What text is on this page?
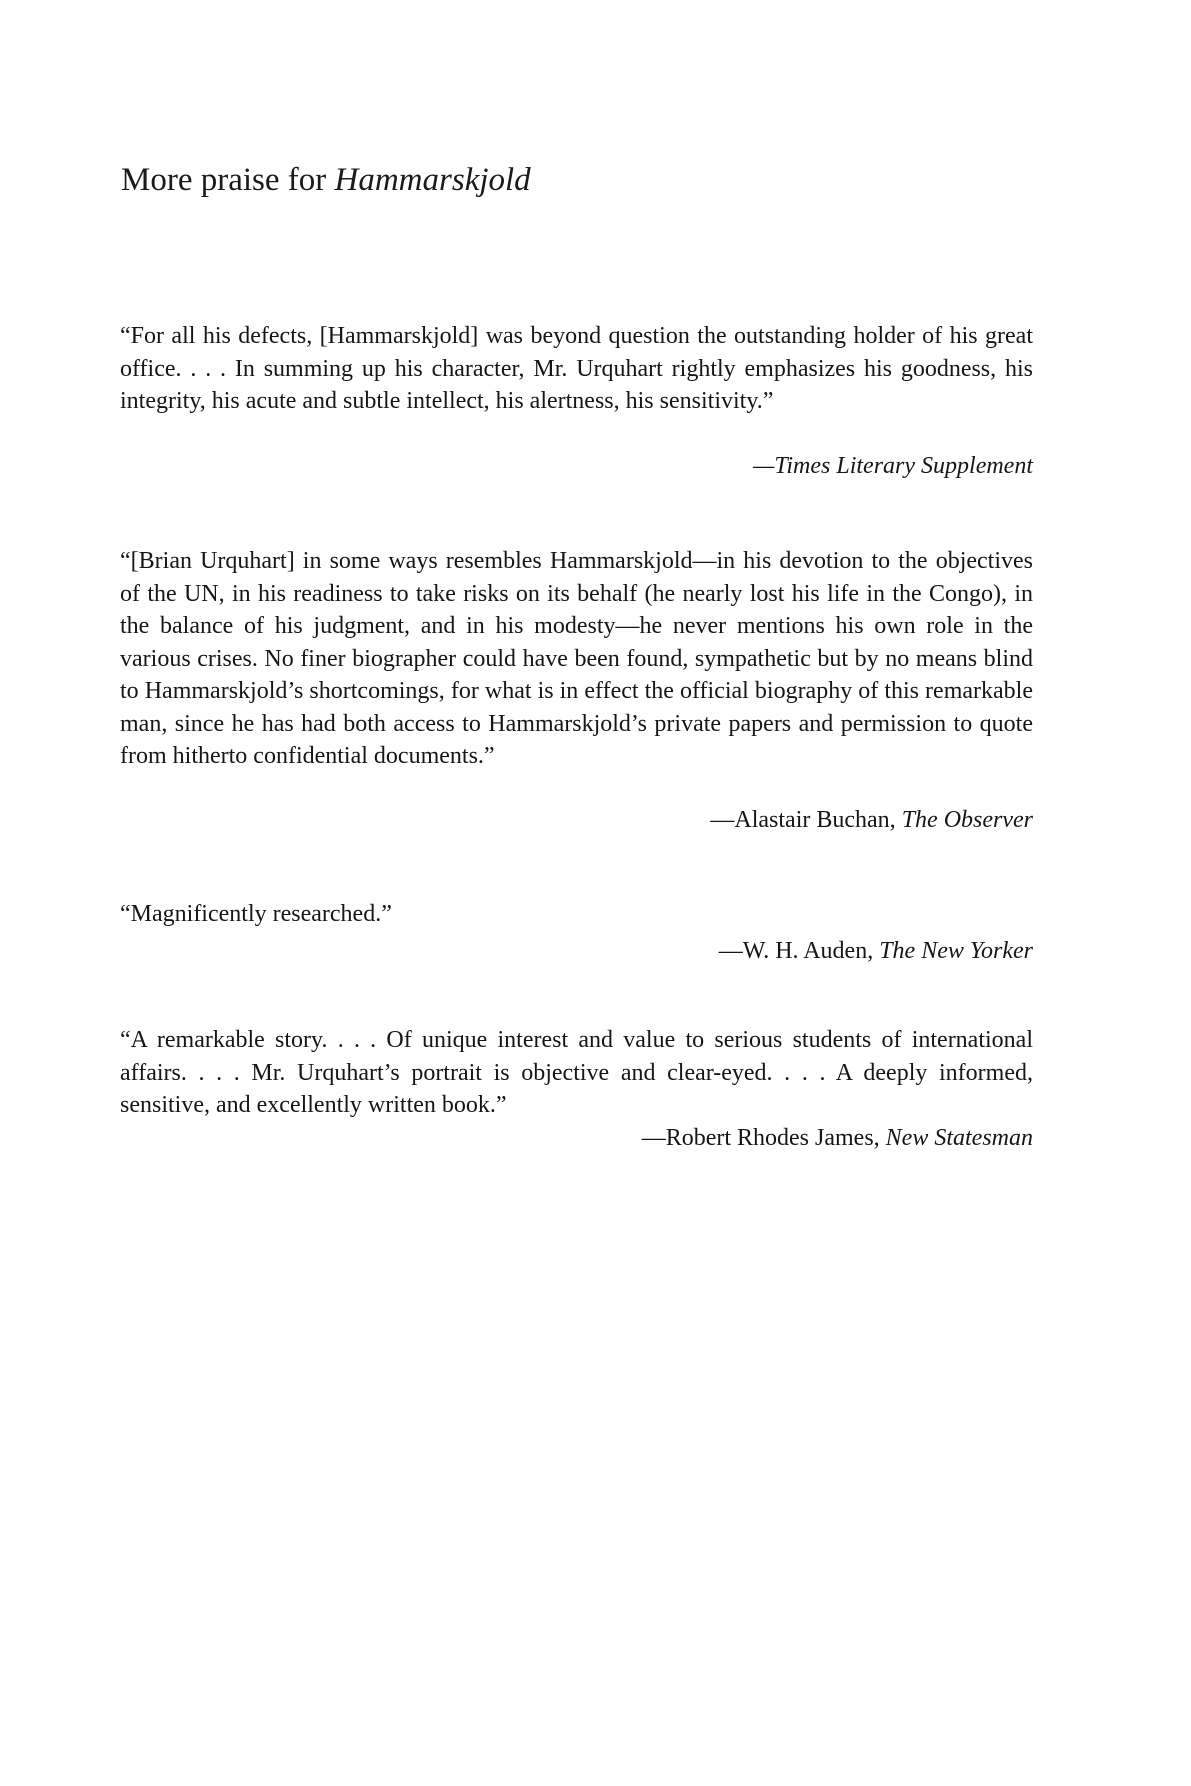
More praise for Hammarskjold

“For all his defects, [Hammarskjold] was beyond question the outstanding holder of his great office. . . . In summing up his character, Mr. Urquhart rightly emphasizes his goodness, his integrity, his acute and subtle intellect, his alertness, his sensitivity.”

—Times Literary Supplement

“[Brian Urquhart] in some ways resembles Hammarskjold—in his devotion to the objectives of the UN, in his readiness to take risks on its behalf (he nearly lost his life in the Congo), in the balance of his judgment, and in his modesty—he never mentions his own role in the various crises. No finer biographer could have been found, sympathetic but by no means blind to Hammarskjold’s shortcomings, for what is in effect the official biography of this remarkable man, since he has had both access to Hammarskjold’s private papers and permission to quote from hitherto confidential documents.”

—Alastair Buchan, The Observer

“Magnificently researched.”

—W. H. Auden, The New Yorker

“A remarkable story. . . . Of unique interest and value to serious students of international affairs. . . . Mr. Urquhart’s portrait is objective and clear-eyed. . . . A deeply informed, sensitive, and excellently written book.”

—Robert Rhodes James, New Statesman
